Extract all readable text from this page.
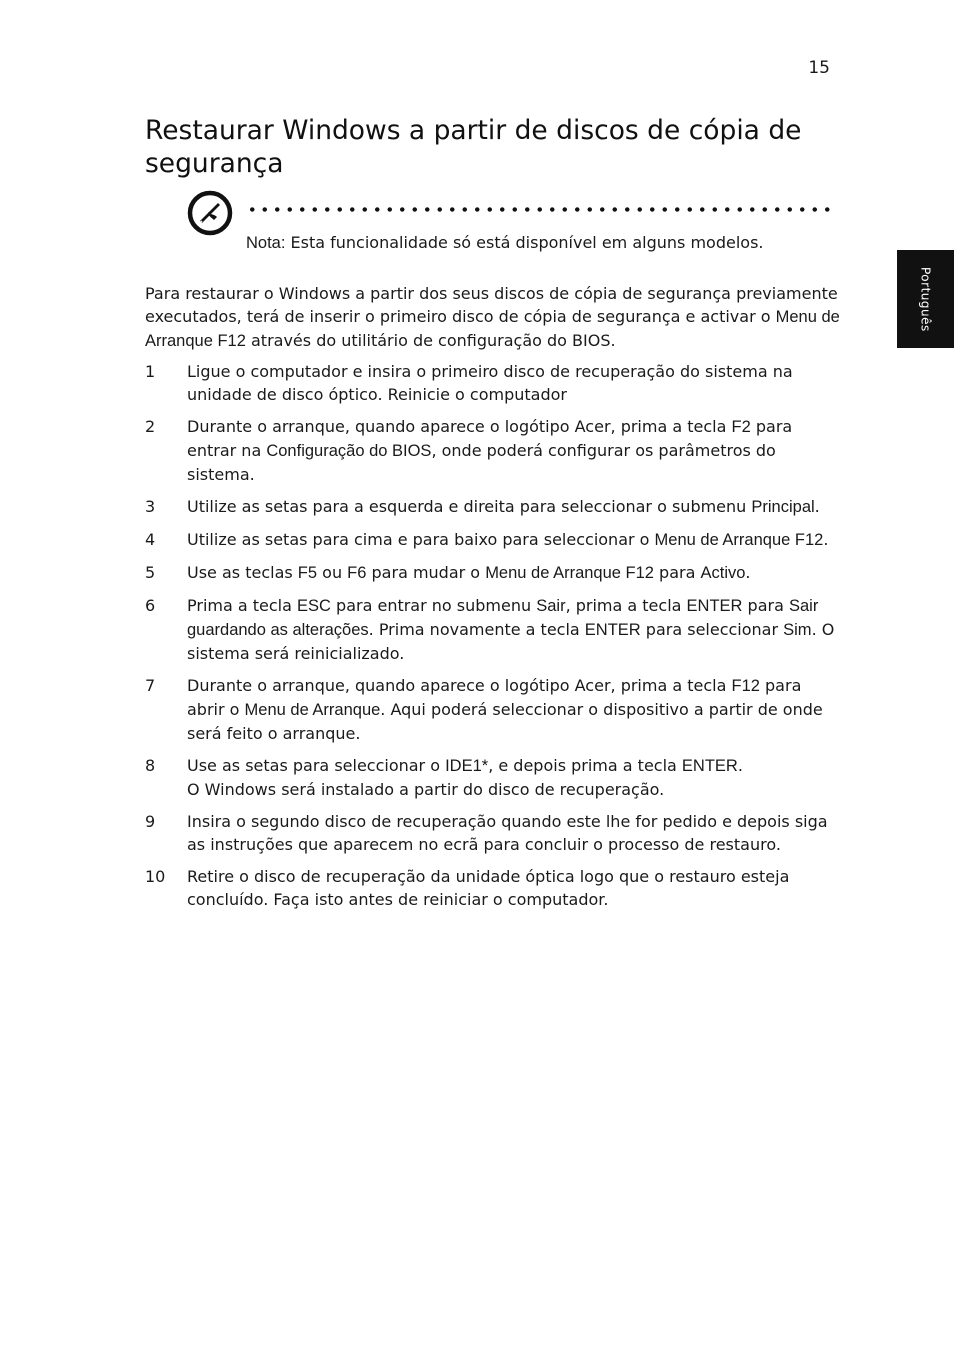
15
Português
Restaurar Windows a partir de discos de cópia de segurança
Nota: Esta funcionalidade só está disponível em alguns modelos.

Para restaurar o Windows a partir dos seus discos de cópia de segurança previamente executados, terá de inserir o primeiro disco de cópia de segurança e activar o Menu de Arranque F12 através do utilitário de configuração do BIOS.

1 Ligue o computador e insira o primeiro disco de recuperação do sistema na unidade de disco óptico. Reinicie o computador
2 Durante o arranque, quando aparece o logótipo Acer, prima a tecla F2 para entrar na Configuração do BIOS, onde poderá configurar os parâmetros do sistema.
3 Utilize as setas para a esquerda e direita para seleccionar o submenu Principal.
4 Utilize as setas para cima e para baixo para seleccionar o Menu de Arranque F12.
5 Use as teclas F5 ou F6 para mudar o Menu de Arranque F12 para Activo.
6 Prima a tecla ESC para entrar no submenu Sair, prima a tecla ENTER para Sair guardando as alterações. Prima novamente a tecla ENTER para seleccionar Sim. O sistema será reinicializado.
7 Durante o arranque, quando aparece o logótipo Acer, prima a tecla F12 para abrir o Menu de Arranque. Aqui poderá seleccionar o dispositivo a partir de onde será feito o arranque.
8 Use as setas para seleccionar o IDE1*, e depois prima a tecla ENTER.
O Windows será instalado a partir do disco de recuperação.
9 Insira o segundo disco de recuperação quando este lhe for pedido e depois siga as instruções que aparecem no ecrã para concluir o processo de restauro.
10 Retire o disco de recuperação da unidade óptica logo que o restauro esteja concluído. Faça isto antes de reiniciar o computador.
